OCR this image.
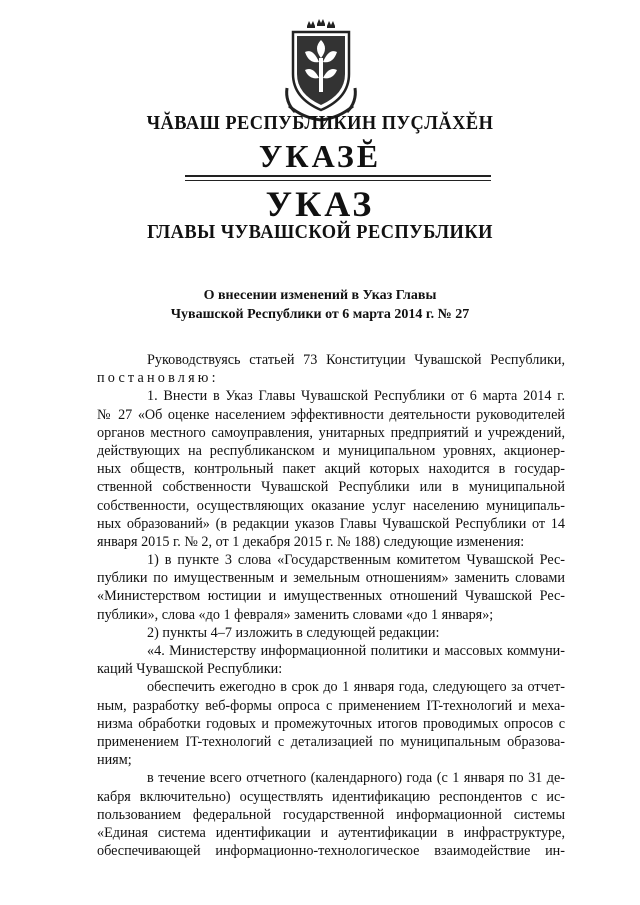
ЧĂВАШ РЕСПУБЛИКИН ПУÇЛĂХĔН
УКАЗĔ
УКАЗ
ГЛАВЫ ЧУВАШСКОЙ РЕСПУБЛИКИ
О внесении изменений в Указ Главы
Чувашской Республики от 6 марта 2014 г. № 27
Руководствуясь статьей 73 Конституции Чувашской Республики,
постановляю:
1. Внести в Указ Главы Чувашской Республики от 6 марта 2014 г.
№ 27 «Об оценке населением эффективности деятельности руководителей
органов местного самоуправления, унитарных предприятий и учреждений,
действующих на республиканском и муниципальном уровнях, акционер-
ных обществ, контрольный пакет акций которых находится в государ-
ственной собственности Чувашской Республики или в муниципальной
собственности, осуществляющих оказание услуг населению муниципаль-
ных образований» (в редакции указов Главы Чувашской Республики от 14
января 2015 г. № 2, от 1 декабря 2015 г. № 188) следующие изменения:
1) в пункте 3 слова «Государственным комитетом Чувашской Рес-
публики по имущественным и земельным отношениям» заменить словами
«Министерством юстиции и имущественных отношений Чувашской Рес-
публики», слова «до 1 февраля» заменить словами «до 1 января»;
2) пункты 4–7 изложить в следующей редакции:
«4. Министерству информационной политики и массовых коммуни-
каций Чувашской Республики:
обеспечить ежегодно в срок до 1 января года, следующего за отчет-
ным, разработку веб-формы опроса с применением IT-технологий и меха-
низма обработки годовых и промежуточных итогов проводимых опросов с
применением IT-технологий с детализацией по муниципальным образова-
ниям;
в течение всего отчетного (календарного) года (с 1 января по 31 де-
кабря включительно) осуществлять идентификацию респондентов с ис-
пользованием федеральной государственной информационной системы
«Единая система идентификации и аутентификации в инфраструктуре,
обеспечивающей информационно-технологическое взаимодействие ин-
